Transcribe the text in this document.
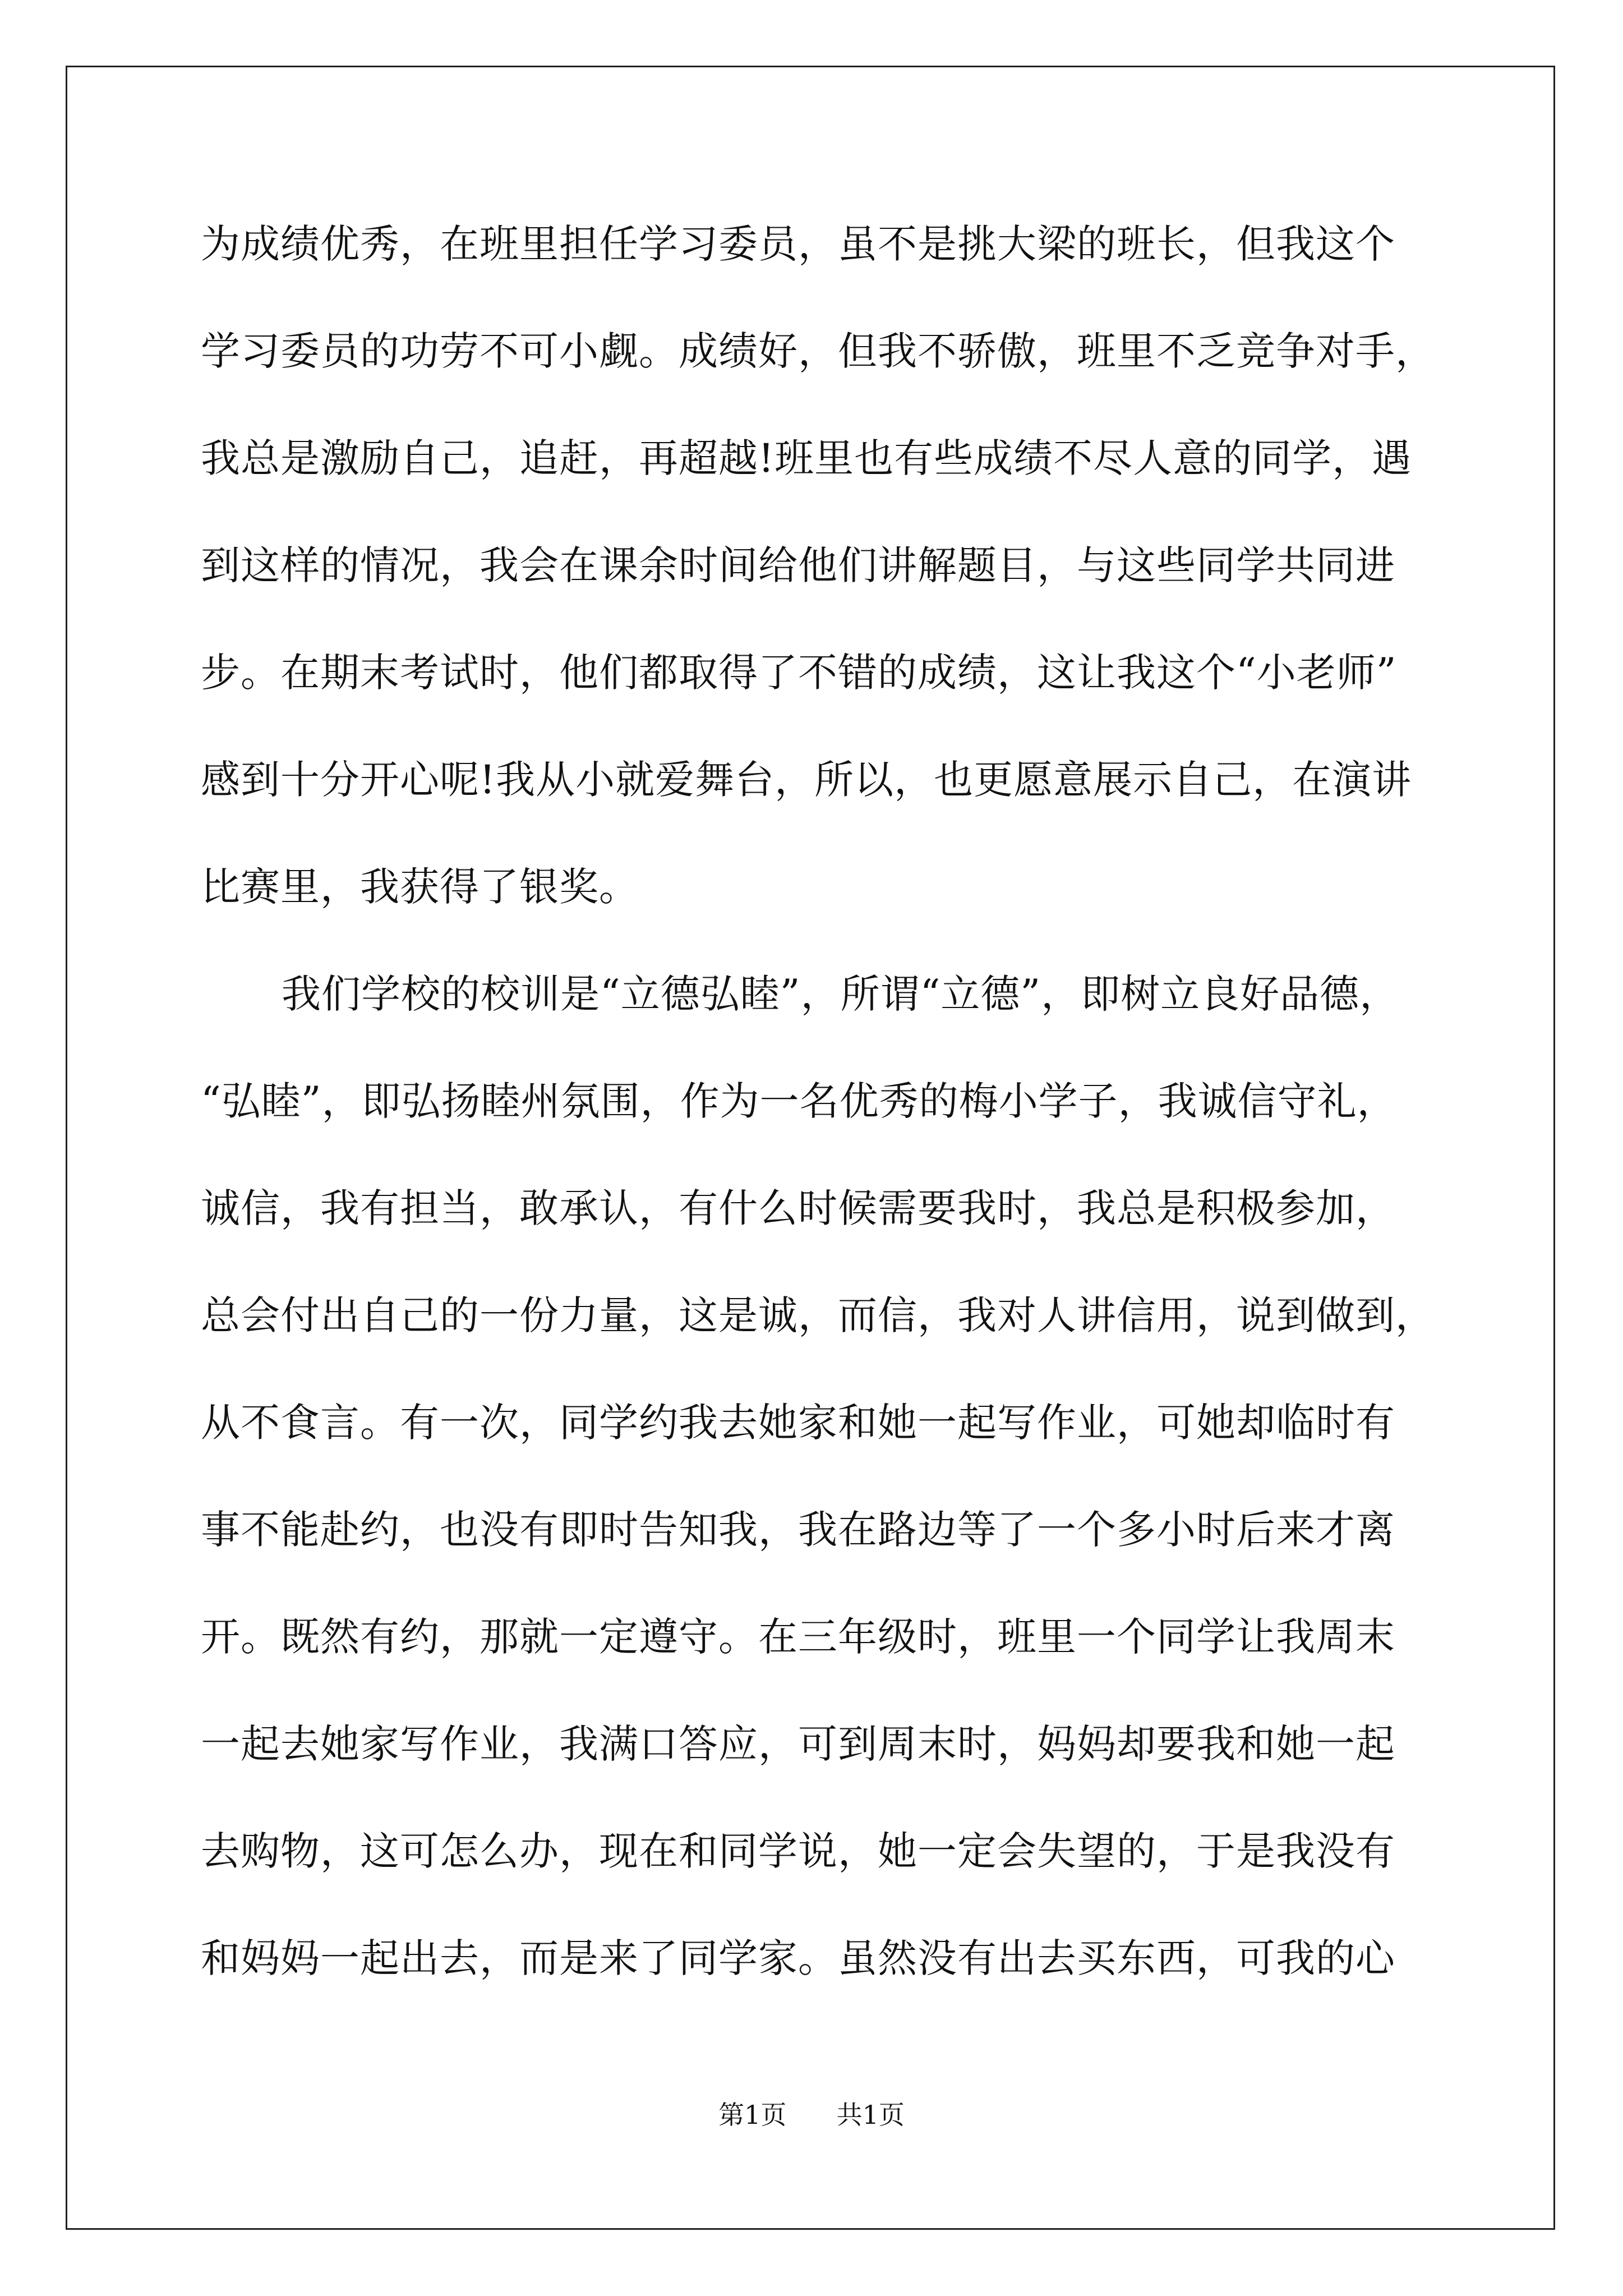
为成绩优秀，在班里担任学习委员，虽不是挑大梁的班长，但我这个
学习委员的功劳不可小觑。成绩好，但我不骄傲，班里不乏竞争对手，
我总是激励自己，追赶，再超越!班里也有些成绩不尽人意的同学，遇
到这样的情况，我会在课余时间给他们讲解题目，与这些同学共同进
步。在期末考试时，他们都取得了不错的成绩，这让我这个“小老师”
感到十分开心呢!我从小就爱舞台，所以，也更愿意展示自己，在演讲
比赛里，我获得了银奖。
我们学校的校训是“立德弘睦”，所谓“立德”，即树立良好品德，
“弘睦”，即弘扬睦州氛围，作为一名优秀的梅小学子，我诚信守礼，
诚信，我有担当，敢承认，有什么时候需要我时，我总是积极参加，
总会付出自己的一份力量，这是诚，而信，我对人讲信用，说到做到，
从不食言。有一次，同学约我去她家和她一起写作业，可她却临时有
事不能赴约，也没有即时告知我，我在路边等了一个多小时后来才离
开。既然有约，那就一定遵守。在三年级时，班里一个同学让我周末
一起去她家写作业，我满口答应，可到周末时，妈妈却要我和她一起
去购物，这可怎么办，现在和同学说，她一定会失望的，于是我没有
和妈妈一起出去，而是来了同学家。虽然没有出去买东西，可我的心
第1页 共1页
